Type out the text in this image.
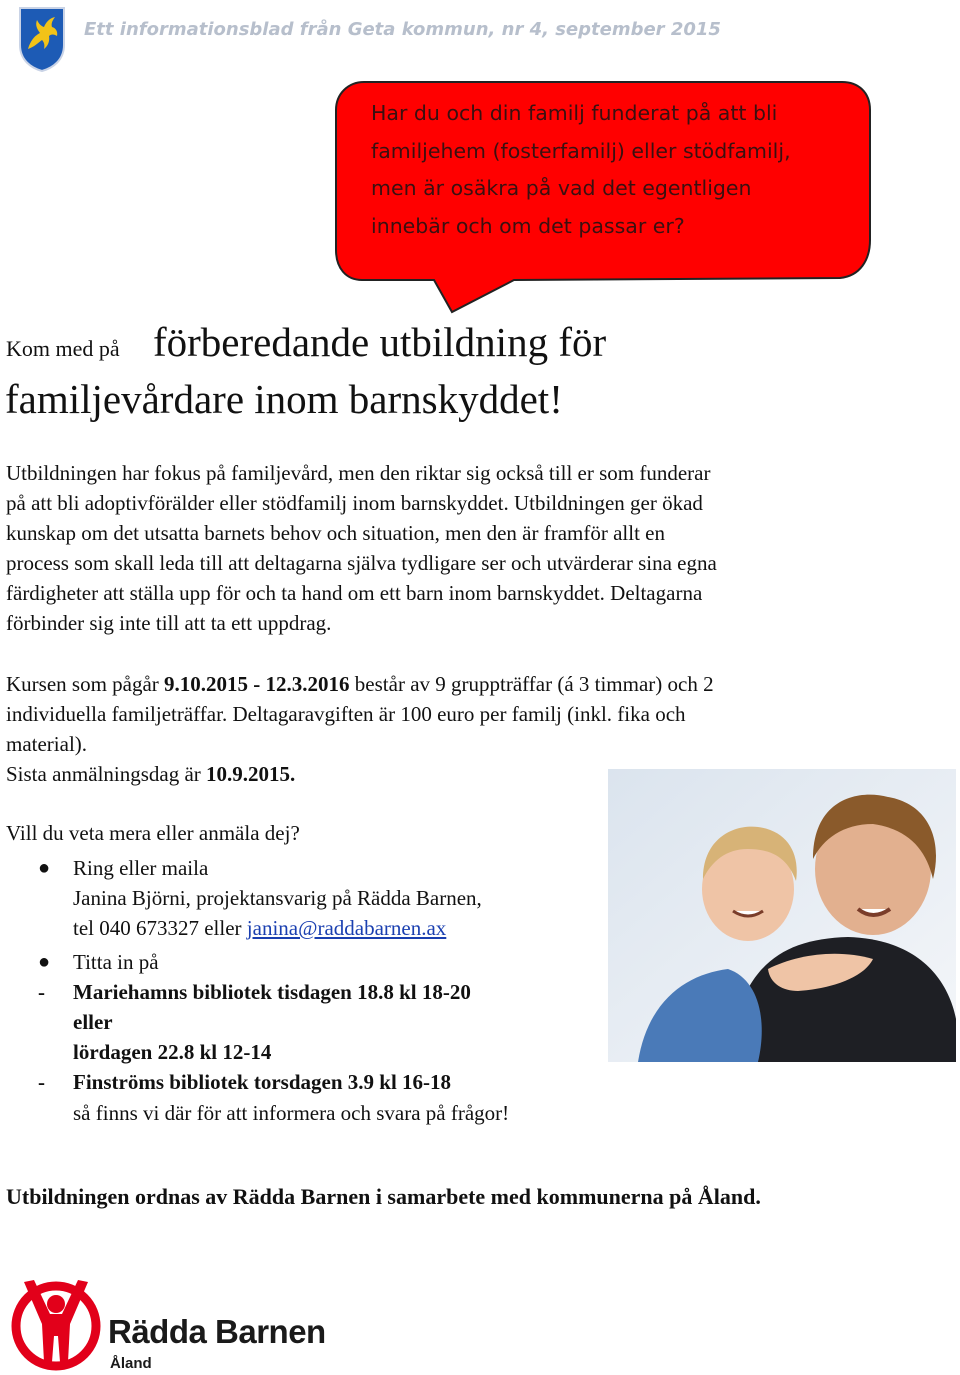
Ett informationsblad från Geta kommun, nr 4, september 2015
Har du och din familj funderat på att bli
familjehem (fosterfamilj) eller stödfamilj,
men är osäkra på vad det egentligen
innebär och om det passar er?
Kom med på förberedande utbildning för
familjevårdare inom barnskyddet!
Utbildningen har fokus på familjevård, men den riktar sig också till er som funderar
på att bli adoptivförälder eller stödfamilj inom barnskyddet. Utbildningen ger ökad
kunskap om det utsatta barnets behov och situation, men den är framför allt en
process som skall leda till att deltagarna själva tydligare ser och utvärderar sina egna
färdigheter att ställa upp för och ta hand om ett barn inom barnskyddet. Deltagarna
förbinder sig inte till att ta ett uppdrag.
Kursen som pågår 9.10.2015 - 12.3.2016 består av 9 gruppträffar (á 3 timmar) och 2
individuella familjeträffar. Deltagaravgiften är 100 euro per familj (inkl. fika och
material).
Sista anmälningsdag är 10.9.2015.
Vill du veta mera eller anmäla dej?
● Ring eller maila
Janina Björni, projektansvarig på Rädda Barnen,
tel 040 673327 eller janina@raddabarnen.ax
● Titta in på
- Mariehamns bibliotek tisdagen 18.8 kl 18-20
eller
lördagen 22.8 kl 12-14
- Finströms bibliotek torsdagen 3.9 kl 16-18
så finns vi där för att informera och svara på frågor!
Utbildningen ordnas av Rädda Barnen i samarbete med kommunerna på Åland.
Rädda Barnen
Åland
